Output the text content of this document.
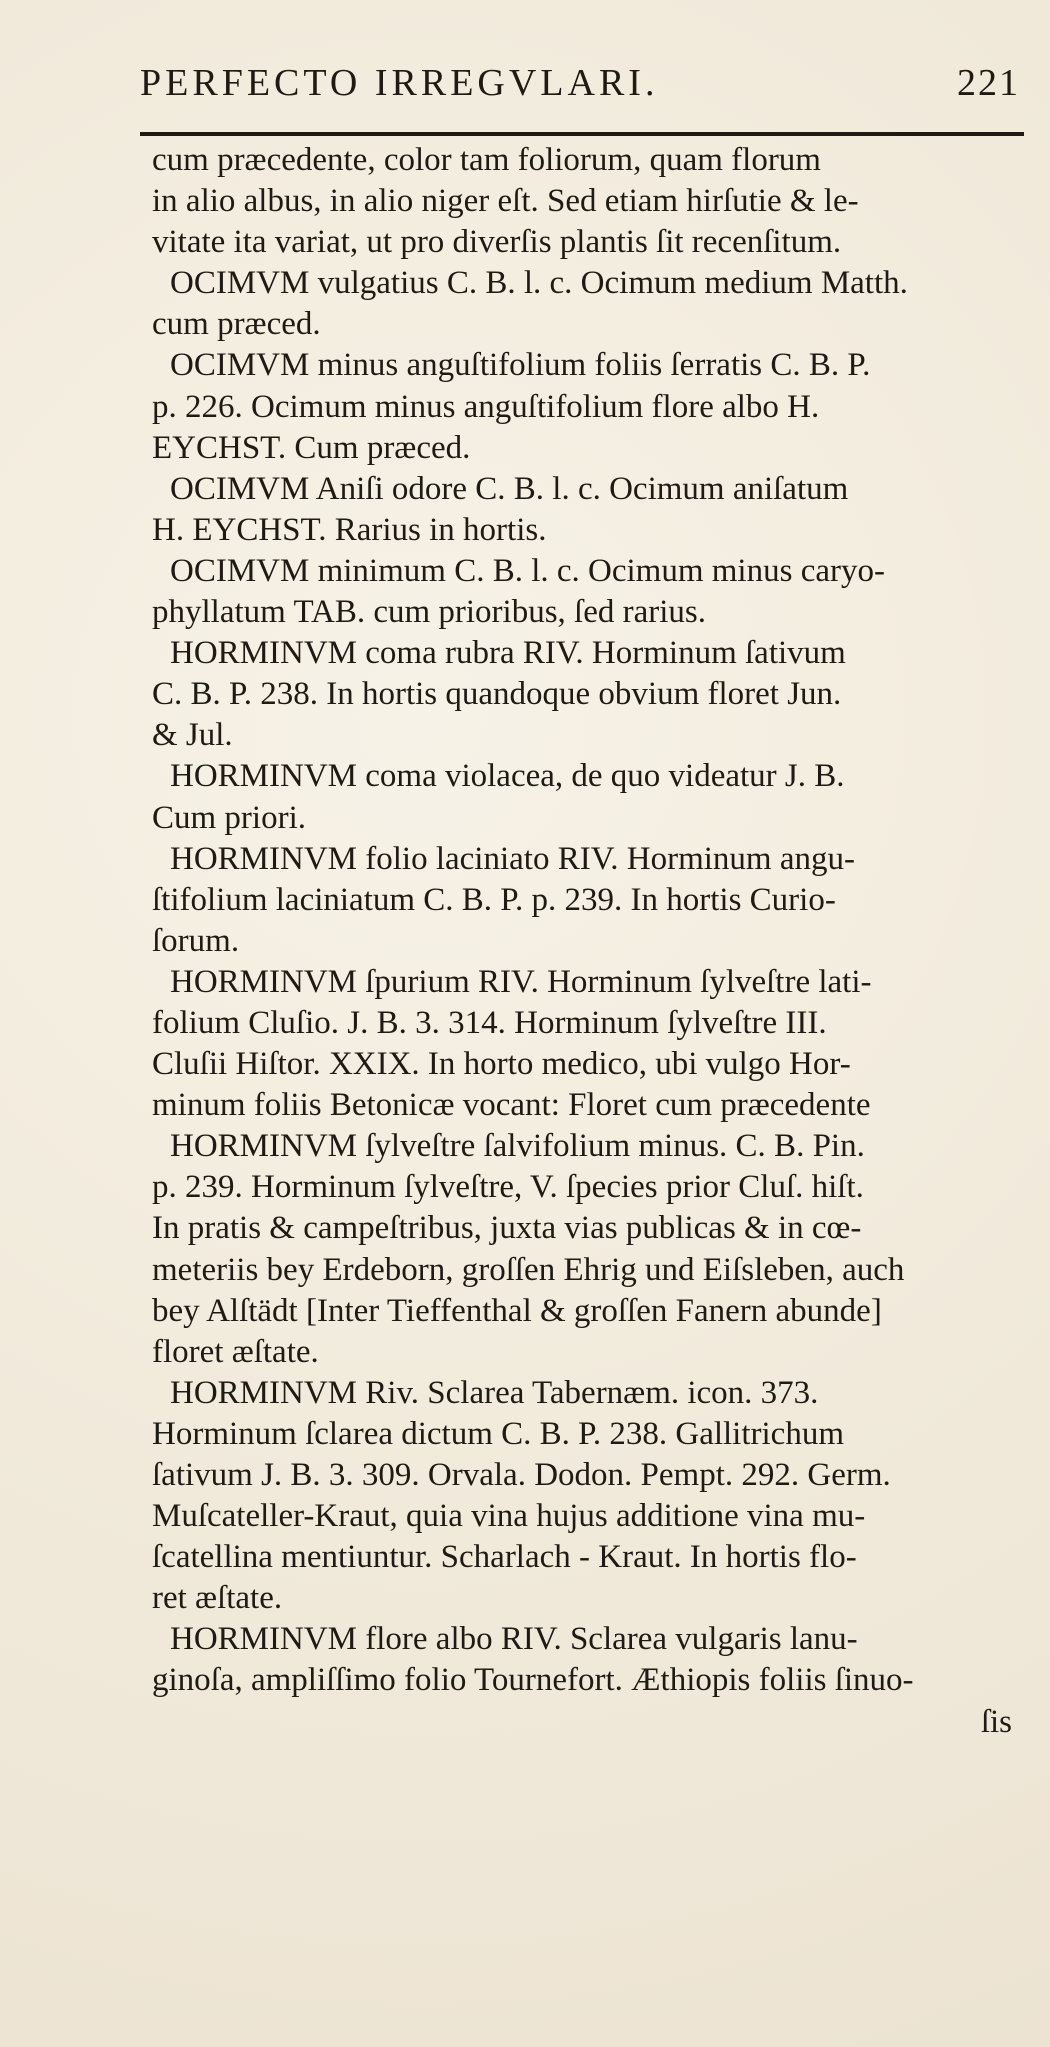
PERFECTO IRREGVLARI.	221
cum præcedente, color tam foliorum, quam florum
in alio albus, in alio niger eſt. Sed etiam hirſutie & le-
vitate ita variat, ut pro diverſis plantis ſit recenſitum.
OCIMVM vulgatius C. B. l. c. Ocimum medium Matth.
cum præced.
OCIMVM minus anguſtifolium foliis ſerratis C. B. P.
p. 226. Ocimum minus anguſtifolium flore albo H.
EYCHST. Cum præced.
OCIMVM Aniſi odore C. B. l. c. Ocimum aniſatum
H. EYCHST. Rarius in hortis.
OCIMVM minimum C. B. l. c. Ocimum minus caryo-
phyllatum TAB. cum prioribus, ſed rarius.
HORMINVM coma rubra RIV. Horminum ſativum
C. B. P. 238. In hortis quandoque obvium floret Jun.
& Jul.
HORMINVM coma violacea, de quo videatur J. B.
Cum priori.
HORMINVM folio laciniato RIV. Horminum angu-
ſtifolium laciniatum C. B. P. p. 239. In hortis Curio-
ſorum.
HORMINVM ſpurium RIV. Horminum ſylveſtre lati-
folium Cluſio. J. B. 3. 314. Horminum ſylveſtre III.
Cluſii Hiſtor. XXIX. In horto medico, ubi vulgo Hor-
minum foliis Betonicæ vocant: Floret cum præcedente
HORMINVM ſylveſtre ſalvifolium minus. C. B. Pin.
p. 239. Horminum ſylveſtre, V. ſpecies prior Cluſ. hiſt.
In pratis & campeſtribus, juxta vias publicas & in cœ-
meteriis bey Erdeborn, groſſen Ehrig und Eiſsleben, auch
bey Alſtädt [Inter Tieffenthal & groſſen Fanern abunde]
floret æſtate.
HORMINVM Riv. Sclarea Tabernæm. icon. 373.
Horminum ſclarea dictum C. B. P. 238. Gallitrichum
ſativum J. B. 3. 309. Orvala. Dodon. Pempt. 292. Germ.
Muſcateller-Kraut, quia vina hujus additione vina mu-
ſcatellina mentiuntur. Scharlach - Kraut. In hortis flo-
ret æſtate.
HORMINVM flore albo RIV. Sclarea vulgaris lanu-
ginoſa, ampliſſimo folio Tournefort. Æthiopis foliis ſinuo-
ſis
